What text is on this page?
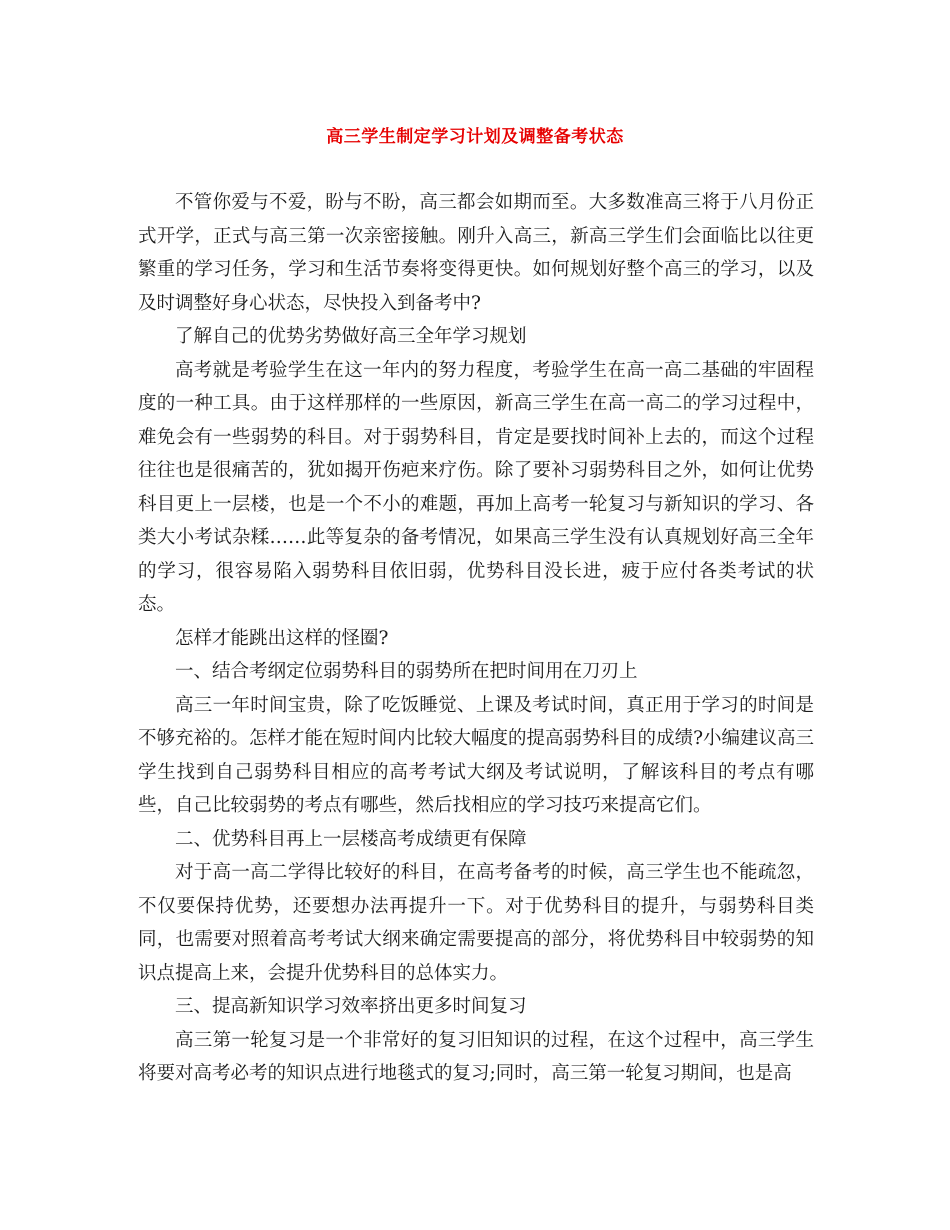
高三学生制定学习计划及调整备考状态

不管你爱与不爱，盼与不盼，高三都会如期而至。大多数准高三将于八月份正式开学，正式与高三第一次亲密接触。刚升入高三，新高三学生们会面临比以往更繁重的学习任务，学习和生活节奏将变得更快。如何规划好整个高三的学习，以及及时调整好身心状态，尽快投入到备考中?

了解自己的优势劣势做好高三全年学习规划

高考就是考验学生在这一年内的努力程度，考验学生在高一高二基础的牢固程度的一种工具。由于这样那样的一些原因，新高三学生在高一高二的学习过程中，难免会有一些弱势的科目。对于弱势科目，肯定是要找时间补上去的，而这个过程往往也是很痛苦的，犹如揭开伤疤来疗伤。除了要补习弱势科目之外，如何让优势科目更上一层楼，也是一个不小的难题，再加上高考一轮复习与新知识的学习、各类大小考试杂糅……此等复杂的备考情况，如果高三学生没有认真规划好高三全年的学习，很容易陷入弱势科目依旧弱，优势科目没长进，疲于应付各类考试的状态。

怎样才能跳出这样的怪圈?

一、结合考纲定位弱势科目的弱势所在把时间用在刀刃上

高三一年时间宝贵，除了吃饭睡觉、上课及考试时间，真正用于学习的时间是不够充裕的。怎样才能在短时间内比较大幅度的提高弱势科目的成绩?小编建议高三学生找到自己弱势科目相应的高考考试大纲及考试说明，了解该科目的考点有哪些，自己比较弱势的考点有哪些，然后找相应的学习技巧来提高它们。

二、优势科目再上一层楼高考成绩更有保障

对于高一高二学得比较好的科目，在高考备考的时候，高三学生也不能疏忽，不仅要保持优势，还要想办法再提升一下。对于优势科目的提升，与弱势科目类同，也需要对照着高考考试大纲来确定需要提高的部分，将优势科目中较弱势的知识点提高上来，会提升优势科目的总体实力。

三、提高新知识学习效率挤出更多时间复习

高三第一轮复习是一个非常好的复习旧知识的过程，在这个过程中，高三学生将要对高考必考的知识点进行地毯式的复习;同时，高三第一轮复习期间，也是高
